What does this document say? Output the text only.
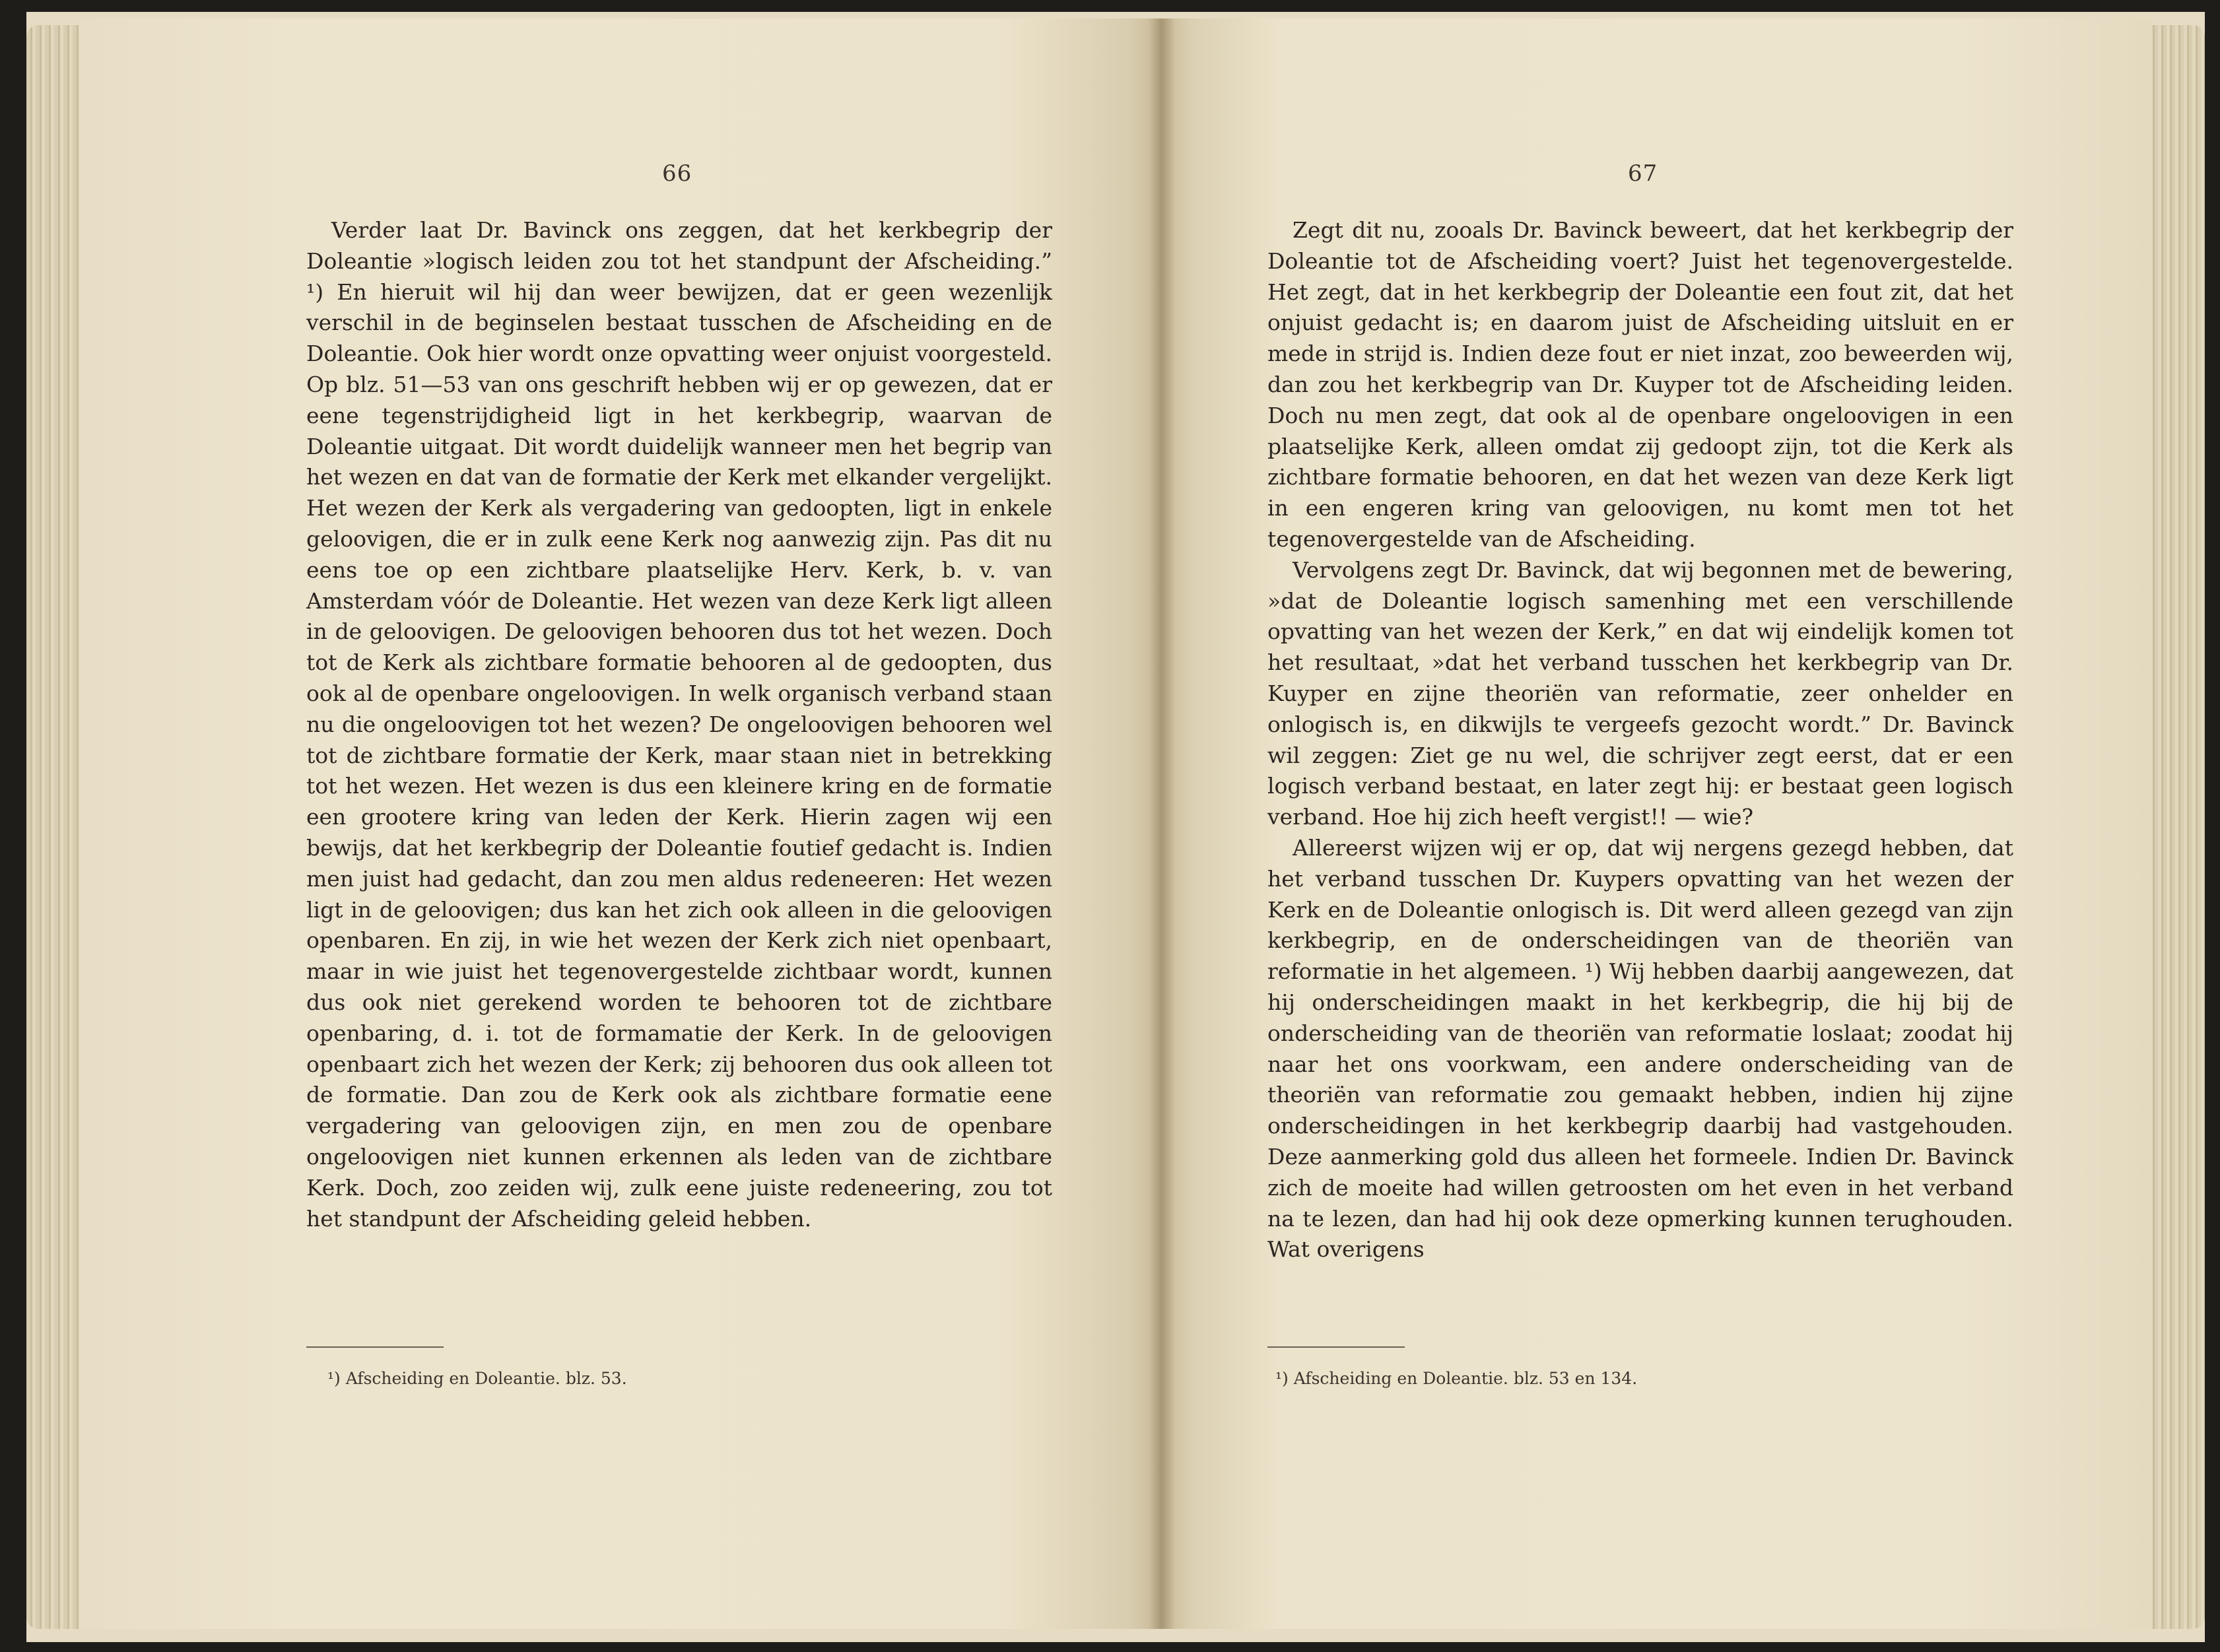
66

Verder laat Dr. Bavinck ons zeggen, dat het kerkbegrip der Doleantie »logisch leiden zou tot het standpunt der Afscheiding.” ¹) En hieruit wil hij dan weer bewijzen, dat er geen wezenlijk verschil in de beginselen bestaat tusschen de Afscheiding en de Doleantie. Ook hier wordt onze opvatting weer onjuist voorgesteld. Op blz. 51—53 van ons geschrift hebben wij er op gewezen, dat er eene tegenstrijdigheid ligt in het kerkbegrip, waarvan de Doleantie uitgaat. Dit wordt duidelijk wanneer men het begrip van het wezen en dat van de formatie der Kerk met elkander vergelijkt. Het wezen der Kerk als vergadering van gedoopten, ligt in enkele geloovigen, die er in zulk eene Kerk nog aanwezig zijn. Pas dit nu eens toe op een zichtbare plaatselijke Herv. Kerk, b. v. van Amsterdam vóór de Doleantie. Het wezen van deze Kerk ligt alleen in de geloovigen. De geloovigen behooren dus tot het wezen. Doch tot de Kerk als zichtbare formatie behooren al de gedoopten, dus ook al de openbare ongeloovigen. In welk organisch verband staan nu die ongeloovigen tot het wezen? De ongeloovigen behooren wel tot de zichtbare formatie der Kerk, maar staan niet in betrekking tot het wezen. Het wezen is dus een kleinere kring en de formatie een grootere kring van leden der Kerk. Hierin zagen wij een bewijs, dat het kerkbegrip der Doleantie foutief gedacht is. Indien men juist had gedacht, dan zou men aldus redeneeren: Het wezen ligt in de geloovigen; dus kan het zich ook alleen in die geloovigen openbaren. En zij, in wie het wezen der Kerk zich niet openbaart, maar in wie juist het tegenovergestelde zichtbaar wordt, kunnen dus ook niet gerekend worden te behooren tot de zichtbare openbaring, d. i. tot de formamatie der Kerk. In de geloovigen openbaart zich het wezen der Kerk; zij behooren dus ook alleen tot de formatie. Dan zou de Kerk ook als zichtbare formatie eene vergadering van geloovigen zijn, en men zou de openbare ongeloovigen niet kunnen erkennen als leden van de zichtbare Kerk. Doch, zoo zeiden wij, zulk eene juiste redeneering, zou tot het standpunt der Afscheiding geleid hebben.

¹) Afscheiding en Doleantie. blz. 53.
67

Zegt dit nu, zooals Dr. Bavinck beweert, dat het kerkbegrip der Doleantie tot de Afscheiding voert? Juist het tegenovergestelde. Het zegt, dat in het kerkbegrip der Doleantie een fout zit, dat het onjuist gedacht is; en daarom juist de Afscheiding uitsluit en er mede in strijd is. Indien deze fout er niet inzat, zoo beweerden wij, dan zou het kerkbegrip van Dr. Kuyper tot de Afscheiding leiden. Doch nu men zegt, dat ook al de openbare ongeloovigen in een plaatselijke Kerk, alleen omdat zij gedoopt zijn, tot die Kerk als zichtbare formatie behooren, en dat het wezen van deze Kerk ligt in een engeren kring van geloovigen, nu komt men tot het tegenovergestelde van de Afscheiding.

Vervolgens zegt Dr. Bavinck, dat wij begonnen met de bewering, »dat de Doleantie logisch samenhing met een verschillende opvatting van het wezen der Kerk,” en dat wij eindelijk komen tot het resultaat, »dat het verband tusschen het kerkbegrip van Dr. Kuyper en zijne theoriën van reformatie, zeer onhelder en onlogisch is, en dikwijls te vergeefs gezocht wordt.” Dr. Bavinck wil zeggen: Ziet ge nu wel, die schrijver zegt eerst, dat er een logisch verband bestaat, en later zegt hij: er bestaat geen logisch verband. Hoe hij zich heeft vergist!! — wie?

Allereerst wijzen wij er op, dat wij nergens gezegd hebben, dat het verband tusschen Dr. Kuypers opvatting van het wezen der Kerk en de Doleantie onlogisch is. Dit werd alleen gezegd van zijn kerkbegrip, en de onderscheidingen van de theoriën van reformatie in het algemeen. ¹) Wij hebben daarbij aangewezen, dat hij onderscheidingen maakt in het kerkbegrip, die hij bij de onderscheiding van de theoriën van reformatie loslaat; zoodat hij naar het ons voorkwam, een andere onderscheiding van de theoriën van reformatie zou gemaakt hebben, indien hij zijne onderscheidingen in het kerkbegrip daarbij had vastgehouden. Deze aanmerking gold dus alleen het formeele. Indien Dr. Bavinck zich de moeite had willen getroosten om het even in het verband na te lezen, dan had hij ook deze opmerking kunnen terughouden. Wat overigens

¹) Afscheiding en Doleantie. blz. 53 en 134.
